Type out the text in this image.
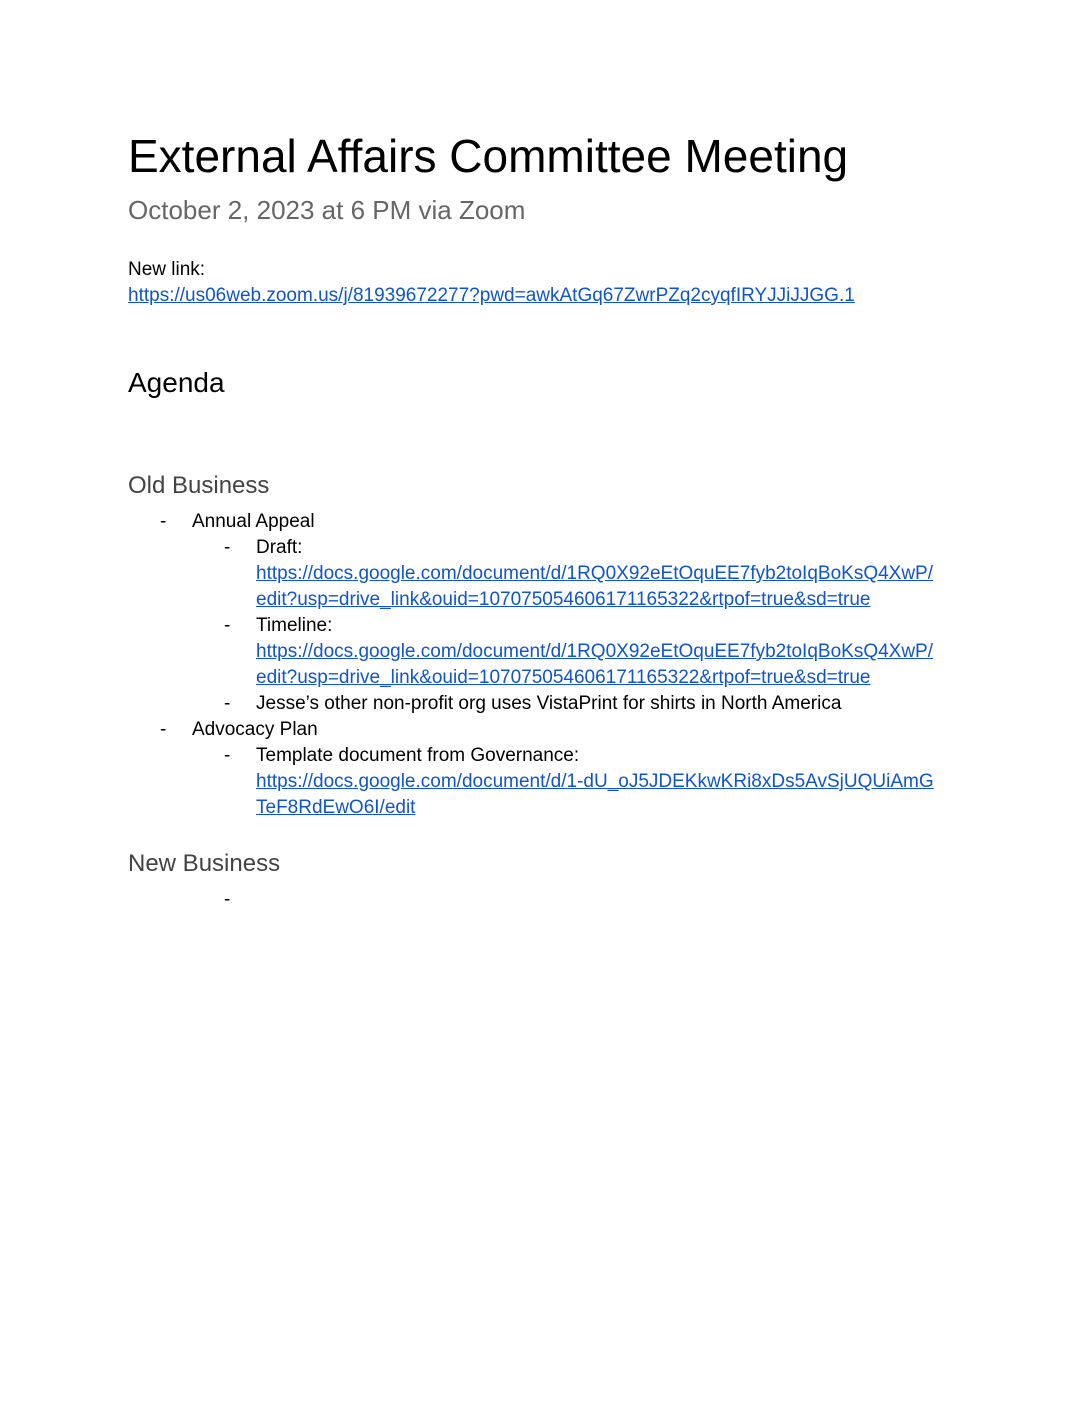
External Affairs Committee Meeting

October 2, 2023 at 6 PM via Zoom

New link:
https://us06web.zoom.us/j/81939672277?pwd=awkAtGq67ZwrPZq2cyqfIRYJJiJJGG.1
Agenda
Old Business
- Annual Appeal
- Draft:
https://docs.google.com/document/d/1RQ0X92eEtOquEE7fyb2toIqBoKsQ4XwP/
edit?usp=drive_link&ouid=107075054606171165322&rtpof=true&sd=true
- Timeline:
https://docs.google.com/document/d/1RQ0X92eEtOquEE7fyb2toIqBoKsQ4XwP/
edit?usp=drive_link&ouid=107075054606171165322&rtpof=true&sd=true
- Jesse’s other non-profit org uses VistaPrint for shirts in North America
- Advocacy Plan
- Template document from Governance:
https://docs.google.com/document/d/1-dU_oJ5JDEKkwKRi8xDs5AvSjUQUiAmG
TeF8RdEwO6I/edit
New Business
-
